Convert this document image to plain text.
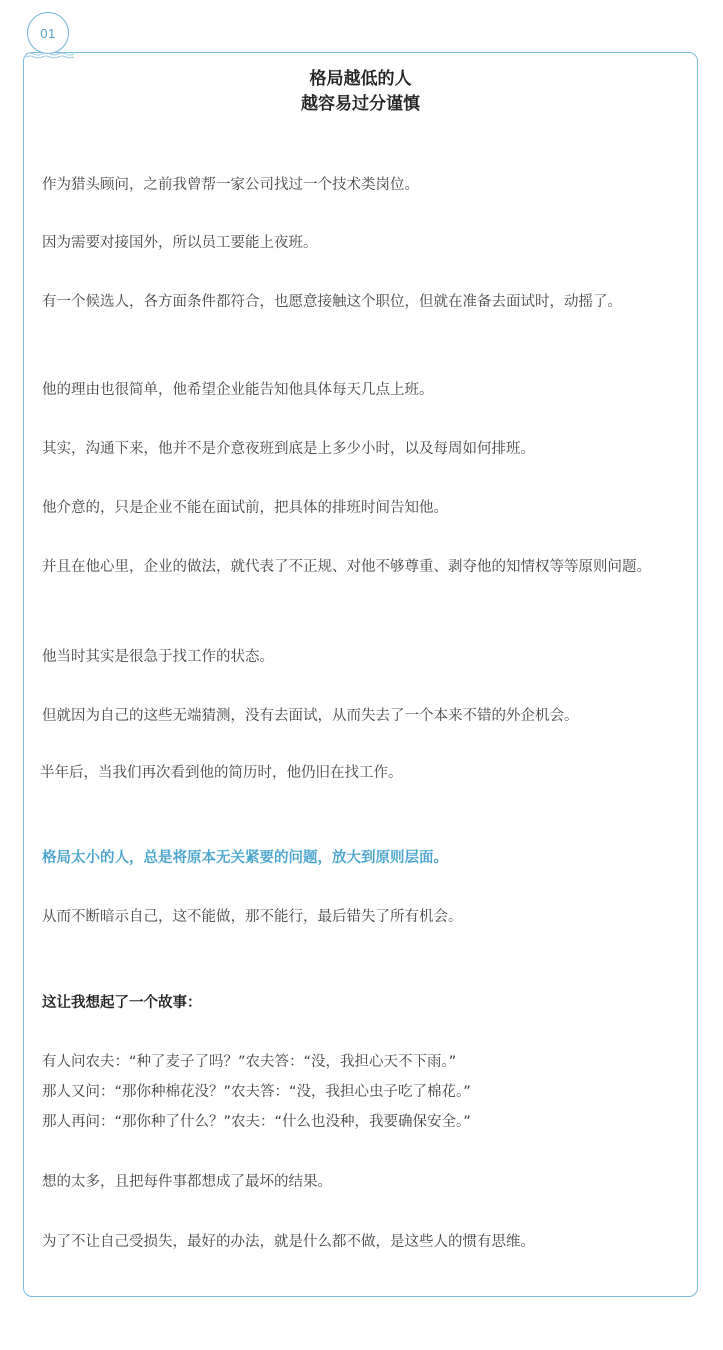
01
格局越低的人
越容易过分谨慎

作为猎头顾问，之前我曾帮一家公司找过一个技术类岗位。

因为需要对接国外，所以员工要能上夜班。

有一个候选人，各方面条件都符合，也愿意接触这个职位，但就在准备去面试时，动摇了。

他的理由也很简单，他希望企业能告知他具体每天几点上班。

其实，沟通下来，他并不是介意夜班到底是上多少小时，以及每周如何排班。

他介意的，只是企业不能在面试前，把具体的排班时间告知他。

并且在他心里，企业的做法，就代表了不正规、对他不够尊重、剥夺他的知情权等等原则问题。

他当时其实是很急于找工作的状态。

但就因为自己的这些无端猜测，没有去面试，从而失去了一个本来不错的外企机会。

半年后，当我们再次看到他的简历时，他仍旧在找工作。

格局太小的人，总是将原本无关紧要的问题，放大到原则层面。

从而不断暗示自己，这不能做，那不能行，最后错失了所有机会。

这让我想起了一个故事：

有人问农夫：“种了麦子了吗？”农夫答：“没，我担心天不下雨。”

那人又问：“那你种棉花没？”农夫答：“没，我担心虫子吃了棉花。”

那人再问：“那你种了什么？”农夫：“什么也没种，我要确保安全。”

想的太多，且把每件事都想成了最坏的结果。

为了不让自己受损失，最好的办法，就是什么都不做，是这些人的惯有思维。
